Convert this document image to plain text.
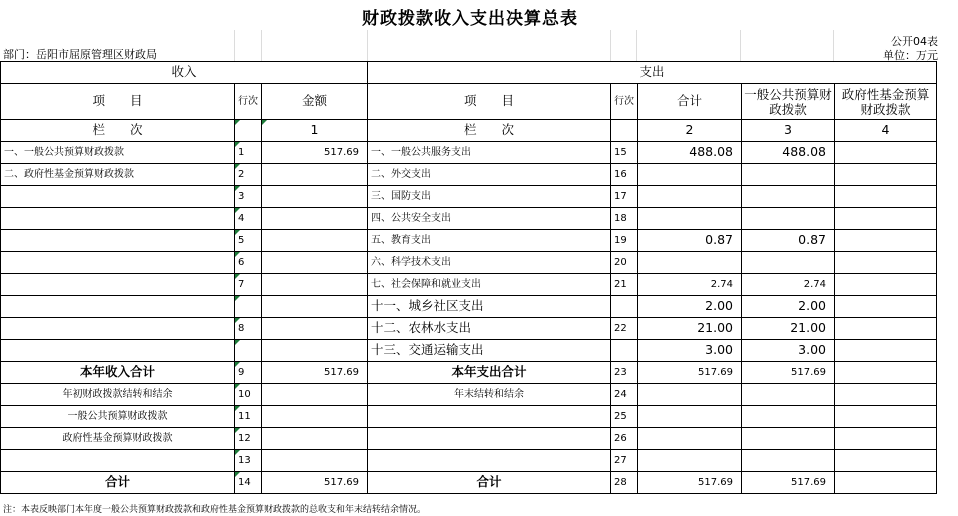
财政拨款收入支出决算总表
公开04表
单位：万元
部门：岳阳市屈原管理区财政局
收入			支出				
项　　目	行次	金额	项　　目	行次	合计	一般公共预算财政拨款	政府性基金预算财政拨款
栏　　次		1	栏　　次		2	3	4
一、一般公共预算财政拨款	1	517.69	一、一般公共服务支出	15	488.08	488.08	
二、政府性基金预算财政拨款	2		二、外交支出	16			
	3		三、国防支出	17			
	4		四、公共安全支出	18			
	5		五、教育支出	19	0.87	0.87	
	6		六、科学技术支出	20			
	7		七、社会保障和就业支出	21	2.74	2.74	
			十一、城乡社区支出		2.00	2.00	
	8		十二、农林水支出	22	21.00	21.00	
			十三、交通运输支出		3.00	3.00	
本年收入合计	9	517.69	本年支出合计	23	517.69	517.69	
年初财政拨款结转和结余	10		年末结转和结余	24			
一般公共预算财政拨款	11			25			
政府性基金预算财政拨款	12			26			
	13			27			
合计	14	517.69	合计	28	517.69	517.69	
注：本表反映部门本年度一般公共预算财政拨款和政府性基金预算财政拨款的总收支和年末结转结余情况。
